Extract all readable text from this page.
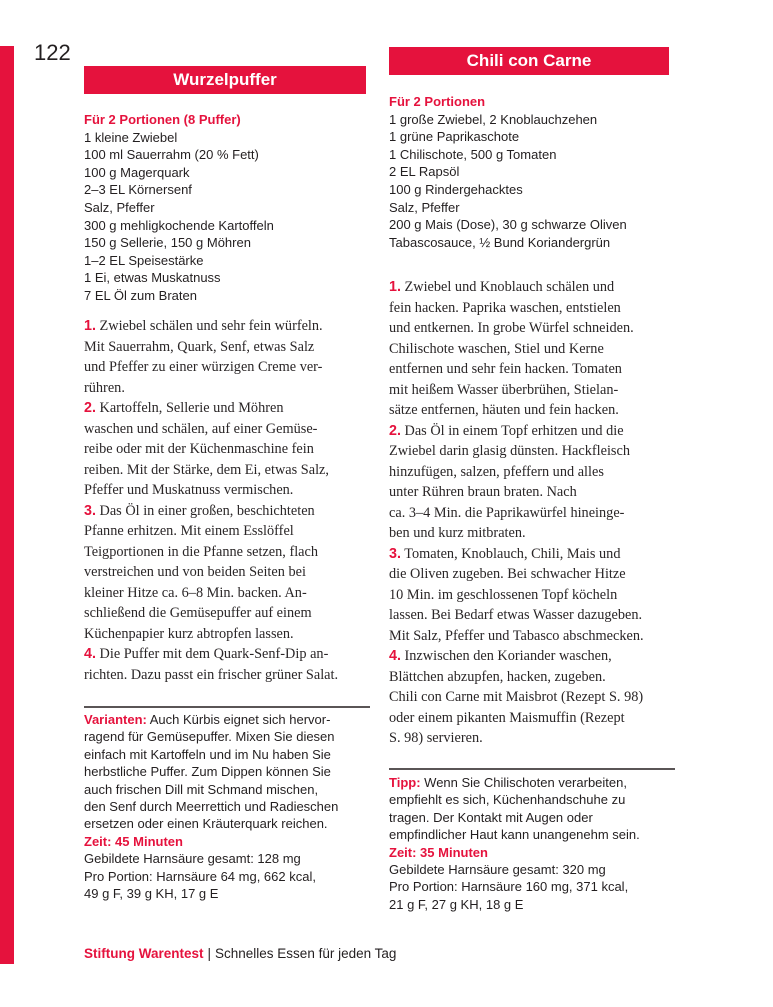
122
Wurzelpuffer
Für 2 Portionen (8 Puffer)
1 kleine Zwiebel
100 ml Sauerrahm (20 % Fett)
100 g Magerquark
2–3 EL Körnersenf
Salz, Pfeffer
300 g mehligkochende Kartoffeln
150 g Sellerie, 150 g Möhren
1–2 EL Speisestärke
1 Ei, etwas Muskatnuss
7 EL Öl zum Braten
1. Zwiebel schälen und sehr fein würfeln.
Mit Sauerrahm, Quark, Senf, etwas Salz
und Pfeffer zu einer würzigen Creme ver-
rühren.
2. Kartoffeln, Sellerie und Möhren
waschen und schälen, auf einer Gemüse-
reibe oder mit der Küchenmaschine fein
reiben. Mit der Stärke, dem Ei, etwas Salz,
Pfeffer und Muskatnuss vermischen.
3. Das Öl in einer großen, beschichteten
Pfanne erhitzen. Mit einem Esslöffel
Teigportionen in die Pfanne setzen, flach
verstreichen und von beiden Seiten bei
kleiner Hitze ca. 6–8 Min. backen. An-
schließend die Gemüsepuffer auf einem
Küchenpapier kurz abtropfen lassen.
4. Die Puffer mit dem Quark-Senf-Dip an-
richten. Dazu passt ein frischer grüner Salat.
Varianten: Auch Kürbis eignet sich hervor-
ragend für Gemüsepuffer. Mixen Sie diesen
einfach mit Kartoffeln und im Nu haben Sie
herbstliche Puffer. Zum Dippen können Sie
auch frischen Dill mit Schmand mischen,
den Senf durch Meerrettich und Radieschen
ersetzen oder einen Kräuterquark reichen.
Zeit: 45 Minuten
Gebildete Harnsäure gesamt: 128 mg
Pro Portion: Harnsäure 64 mg, 662 kcal,
49 g F, 39 g KH, 17 g E
Chili con Carne
Für 2 Portionen
1 große Zwiebel, 2 Knoblauchzehen
1 grüne Paprikaschote
1 Chilischote, 500 g Tomaten
2 EL Rapsöl
100 g Rindergehacktes
Salz, Pfeffer
200 g Mais (Dose), 30 g schwarze Oliven
Tabascosauce, ½ Bund Koriandergrün
1. Zwiebel und Knoblauch schälen und
fein hacken. Paprika waschen, entstielen
und entkernen. In grobe Würfel schneiden.
Chilischote waschen, Stiel und Kerne
entfernen und sehr fein hacken. Tomaten
mit heißem Wasser überbrühen, Stielan-
sätze entfernen, häuten und fein hacken.
2. Das Öl in einem Topf erhitzen und die
Zwiebel darin glasig dünsten. Hackfleisch
hinzufügen, salzen, pfeffern und alles
unter Rühren braun braten. Nach
ca. 3–4 Min. die Paprikawürfel hineinge-
ben und kurz mitbraten.
3. Tomaten, Knoblauch, Chili, Mais und
die Oliven zugeben. Bei schwacher Hitze
10 Min. im geschlossenen Topf köcheln
lassen. Bei Bedarf etwas Wasser dazugeben.
Mit Salz, Pfeffer und Tabasco abschmecken.
4. Inzwischen den Koriander waschen,
Blättchen abzupfen, hacken, zugeben.
Chili con Carne mit Maisbrot (Rezept S. 98)
oder einem pikanten Maismuffin (Rezept
S. 98) servieren.
Tipp: Wenn Sie Chilischoten verarbeiten,
empfiehlt es sich, Küchenhandschuhe zu
tragen. Der Kontakt mit Augen oder
empfindlicher Haut kann unangenehm sein.
Zeit: 35 Minuten
Gebildete Harnsäure gesamt: 320 mg
Pro Portion: Harnsäure 160 mg, 371 kcal,
21 g F, 27 g KH, 18 g E
Stiftung Warentest | Schnelles Essen für jeden Tag
